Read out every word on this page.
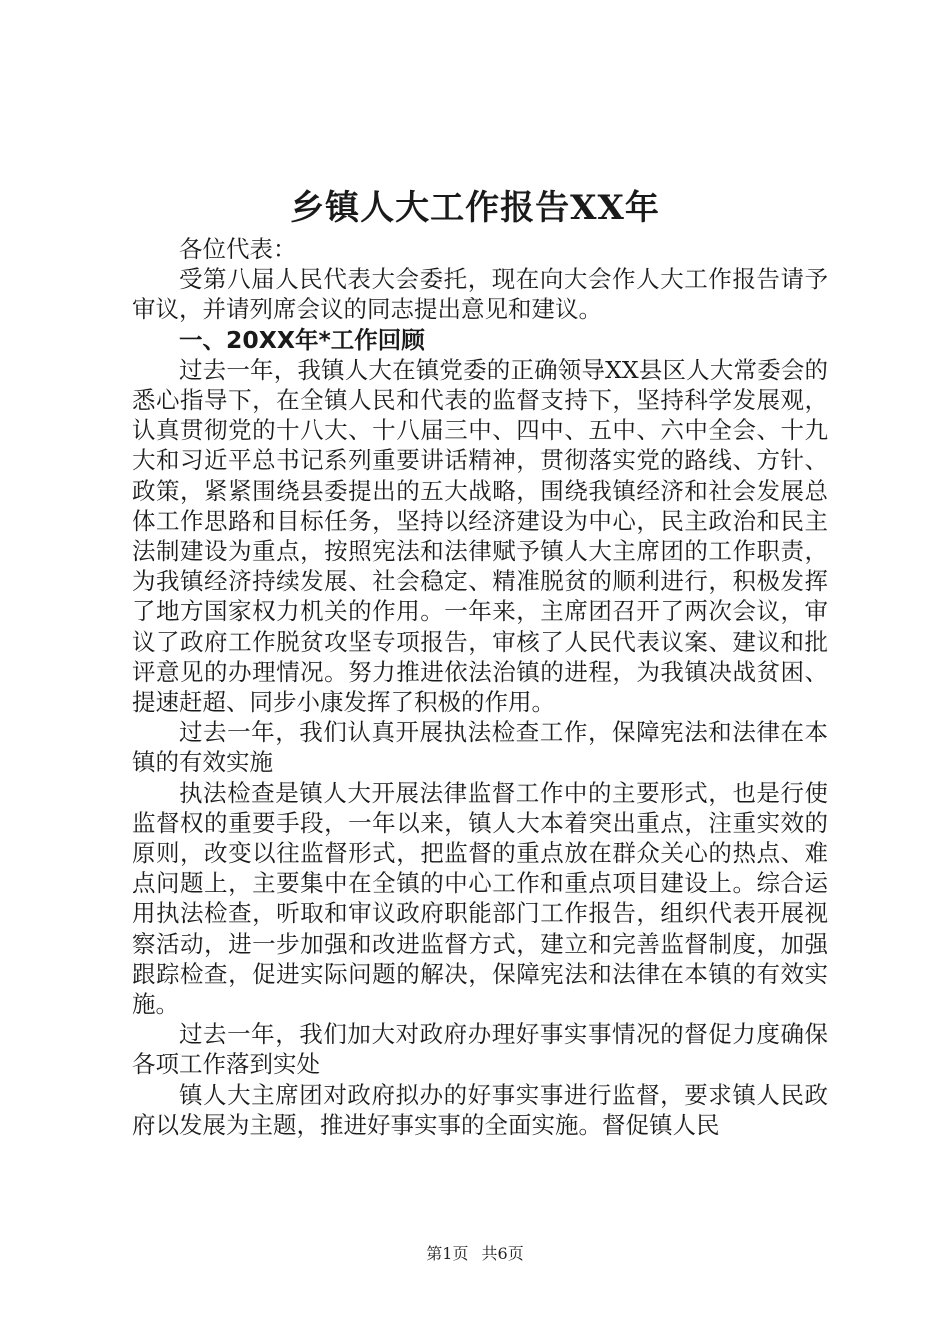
乡镇人大工作报告XX年

各位代表：

受第八届人民代表大会委托，现在向大会作人大工作报告请予审议，并请列席会议的同志提出意见和建议。

一、20XX年*工作回顾

过去一年，我镇人大在镇党委的正确领导XX县区人大常委会的悉心指导下，在全镇人民和代表的监督支持下，坚持科学发展观，认真贯彻党的十八大、十八届三中、四中、五中、六中全会、十九大和习近平总书记系列重要讲话精神，贯彻落实党的路线、方针、政策，紧紧围绕县委提出的五大战略，围绕我镇经济和社会发展总体工作思路和目标任务，坚持以经济建设为中心，民主政治和民主法制建设为重点，按照宪法和法律赋予镇人大主席团的工作职责，为我镇经济持续发展、社会稳定、精准脱贫的顺利进行，积极发挥了地方国家权力机关的作用。一年来，主席团召开了两次会议，审议了政府工作脱贫攻坚专项报告，审核了人民代表议案、建议和批评意见的办理情况。努力推进依法治镇的进程，为我镇决战贫困、提速赶超、同步小康发挥了积极的作用。

过去一年，我们认真开展执法检查工作，保障宪法和法律在本镇的有效实施

执法检查是镇人大开展法律监督工作中的主要形式，也是行使监督权的重要手段，一年以来，镇人大本着突出重点，注重实效的原则，改变以往监督形式，把监督的重点放在群众关心的热点、难点问题上，主要集中在全镇的中心工作和重点项目建设上。综合运用执法检查，听取和审议政府职能部门工作报告，组织代表开展视察活动，进一步加强和改进监督方式，建立和完善监督制度，加强跟踪检查，促进实际问题的解决，保障宪法和法律在本镇的有效实施。

过去一年，我们加大对政府办理好事实事情况的督促力度确保各项工作落到实处

镇人大主席团对政府拟办的好事实事进行监督，要求镇人民政府以发展为主题，推进好事实事的全面实施。督促镇人民

第1页 共6页
